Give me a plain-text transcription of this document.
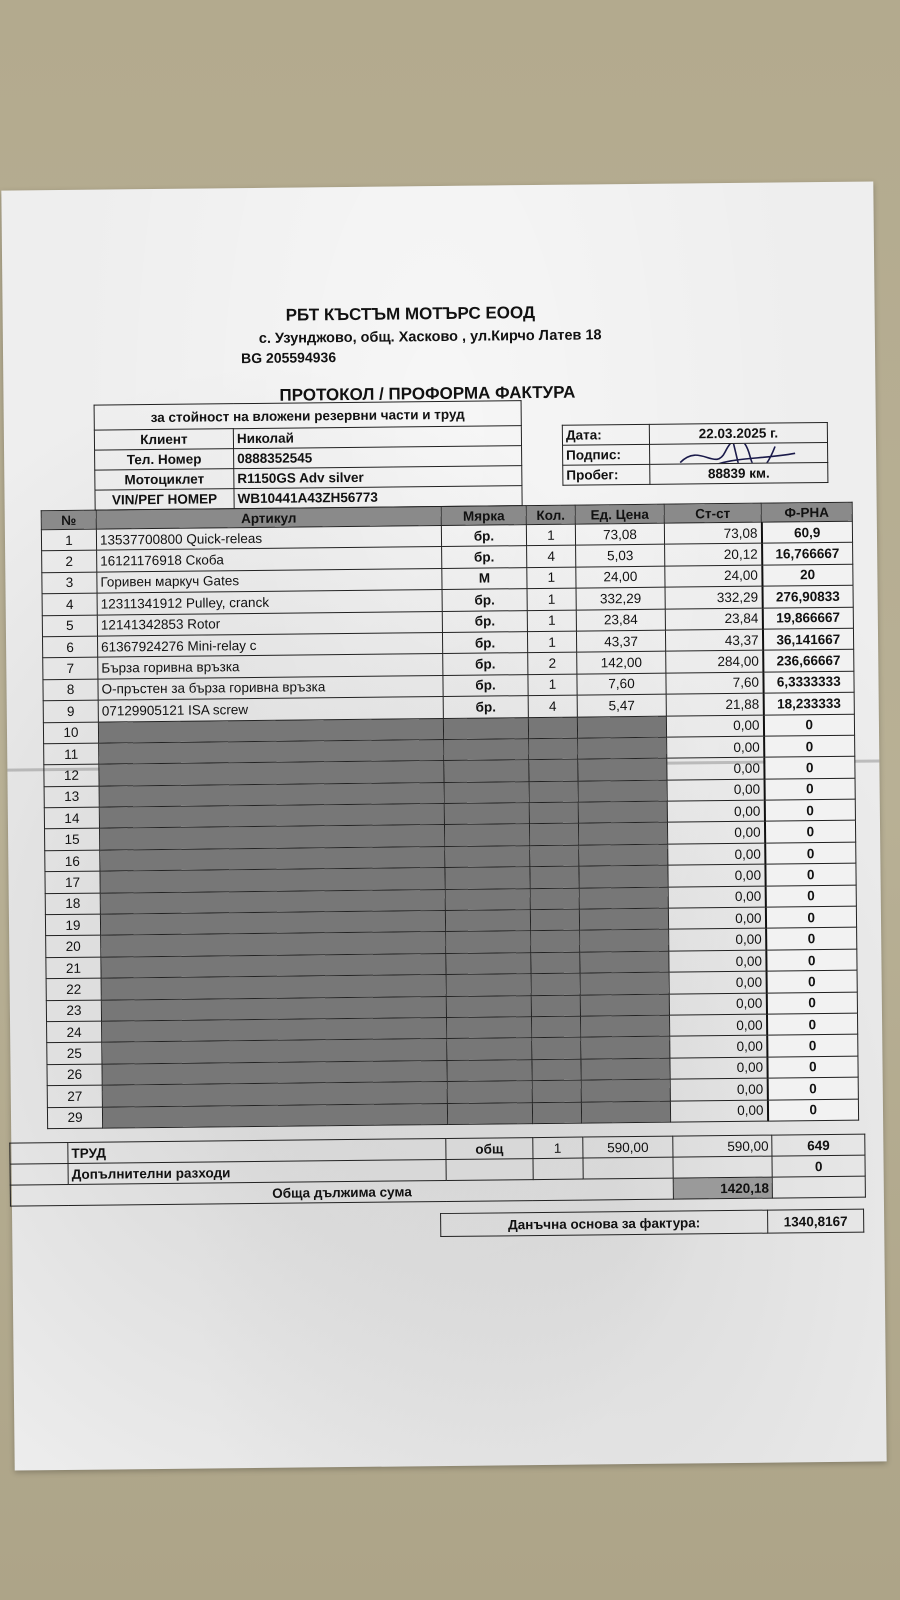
РБТ КЪСТЪМ МОТЪРС ЕООД
с. Узунджово, общ. Хасково , ул.Кирчо Латев 18
BG 205594936
ПРОТОКОЛ / ПРОФОРМА ФАКТУРА
за стойност на вложени резервни части и труд	
Клиент	Николай
Тел. Номер	0888352545
Мотоциклет	R1150GS Adv silver
VIN/РЕГ НОМЕР	WB10441A43ZH56773
Дата:	22.03.2025 г.
Подпис:	

Пробег:	88839 км.
№	Артикул	Мярка	Кол.	Ед. Цена	Ст-ст	Ф-РНА
1	13537700800 Quick-releas	бр.	1	73,08	73,08	60,9
2	16121176918 Скоба	бр.	4	5,03	20,12	16,766667
3	Горивен маркуч Gates	М	1	24,00	24,00	20
4	12311341912 Pulley, cranck	бр.	1	332,29	332,29	276,90833
5	12141342853 Rotor	бр.	1	23,84	23,84	19,866667
6	61367924276 Mini-relay c	бр.	1	43,37	43,37	36,141667
7	Бърза горивна връзка	бр.	2	142,00	284,00	236,66667
8	О-пръстен за бърза горивна връзка	бр.	1	7,60	7,60	6,3333333
9	07129905121 ISA screw	бр.	4	5,47	21,88	18,233333
10					0,00	0
11					0,00	0
12					0,00	0
13					0,00	0
14					0,00	0
15					0,00	0
16					0,00	0
17					0,00	0
18					0,00	0
19					0,00	0
20					0,00	0
21					0,00	0
22					0,00	0
23					0,00	0
24					0,00	0
25					0,00	0
26					0,00	0
27					0,00	0
29					0,00	0
	ТРУД	общ	1	590,00	590,00	649
	Допълнителни разходи					0
Обща дължима сума					1420,18	
Данъчна основа за фактура:	1340,8167
